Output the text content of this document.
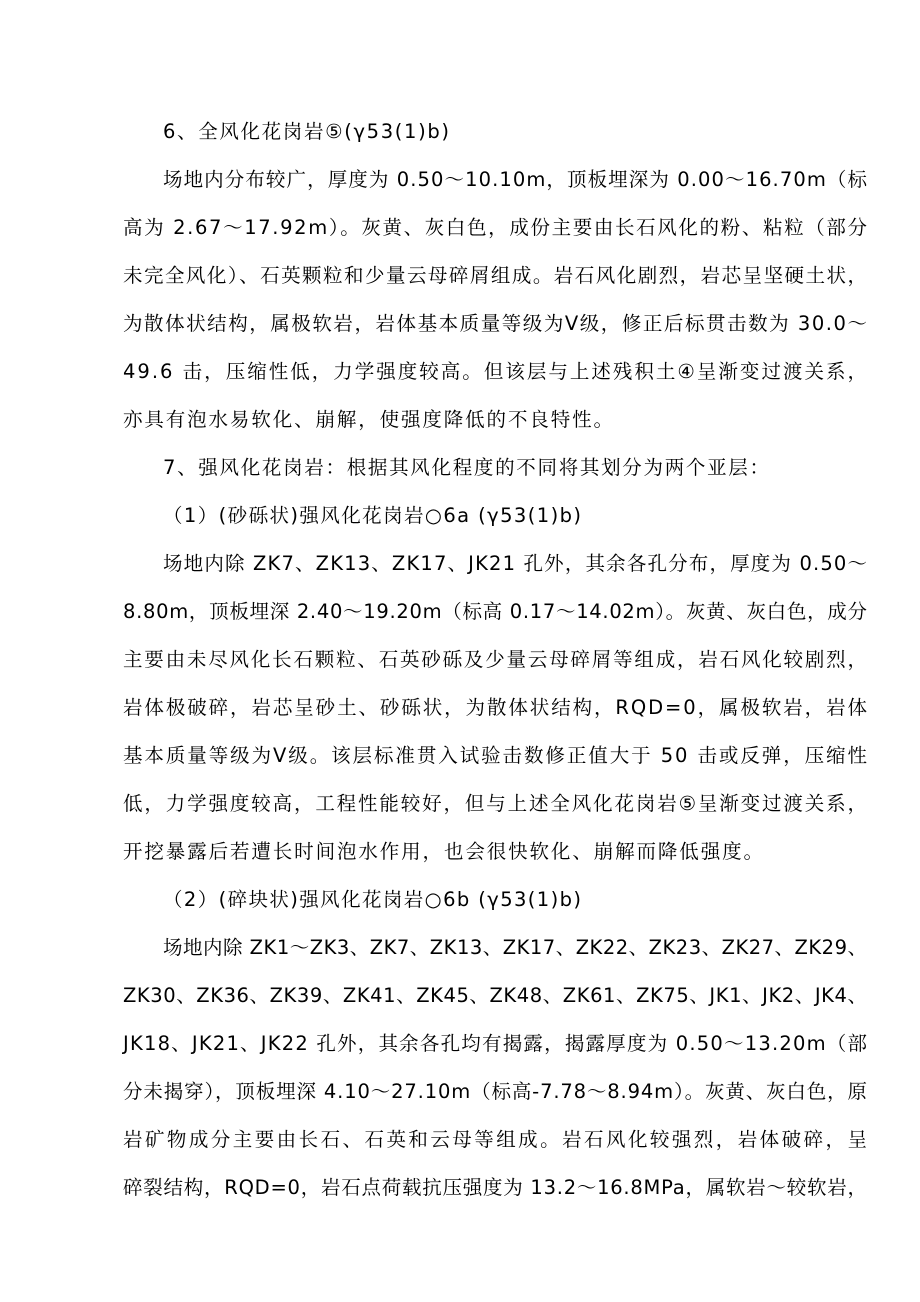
6、全风化花岗岩⑤(γ53(1)b)
场地内分布较广，厚度为 0.50～10.10m，顶板埋深为 0.00～16.70m（标
高为 2.67～17.92m）。灰黄、灰白色，成份主要由长石风化的粉、粘粒（部分
未完全风化）、石英颗粒和少量云母碎屑组成。岩石风化剧烈，岩芯呈坚硬土状，
为散体状结构，属极软岩，岩体基本质量等级为Ⅴ级，修正后标贯击数为 30.0～
49.6 击，压缩性低，力学强度较高。但该层与上述残积土④呈渐变过渡关系，
亦具有泡水易软化、崩解，使强度降低的不良特性。
7、强风化花岗岩：根据其风化程度的不同将其划分为两个亚层：
（1）(砂砾状)强风化花岗岩○6a (γ53(1)b)
场地内除 ZK7、ZK13、ZK17、JK21 孔外，其余各孔分布，厚度为 0.50～
8.80m，顶板埋深 2.40～19.20m（标高 0.17～14.02m）。灰黄、灰白色，成分
主要由未尽风化长石颗粒、石英砂砾及少量云母碎屑等组成，岩石风化较剧烈，
岩体极破碎，岩芯呈砂土、砂砾状，为散体状结构，RQD=0，属极软岩，岩体
基本质量等级为Ⅴ级。该层标准贯入试验击数修正值大于 50 击或反弹，压缩性
低，力学强度较高，工程性能较好，但与上述全风化花岗岩⑤呈渐变过渡关系，
开挖暴露后若遭长时间泡水作用，也会很快软化、崩解而降低强度。
（2）(碎块状)强风化花岗岩○6b (γ53(1)b)
场地内除 ZK1～ZK3、ZK7、ZK13、ZK17、ZK22、ZK23、ZK27、ZK29、
ZK30、ZK36、ZK39、ZK41、ZK45、ZK48、ZK61、ZK75、JK1、JK2、JK4、
JK18、JK21、JK22 孔外，其余各孔均有揭露，揭露厚度为 0.50～13.20m（部
分未揭穿），顶板埋深 4.10～27.10m（标高-7.78～8.94m）。灰黄、灰白色，原
岩矿物成分主要由长石、石英和云母等组成。岩石风化较强烈，岩体破碎，呈
碎裂结构，RQD=0，岩石点荷载抗压强度为 13.2～16.8MPa，属软岩～较软岩，
